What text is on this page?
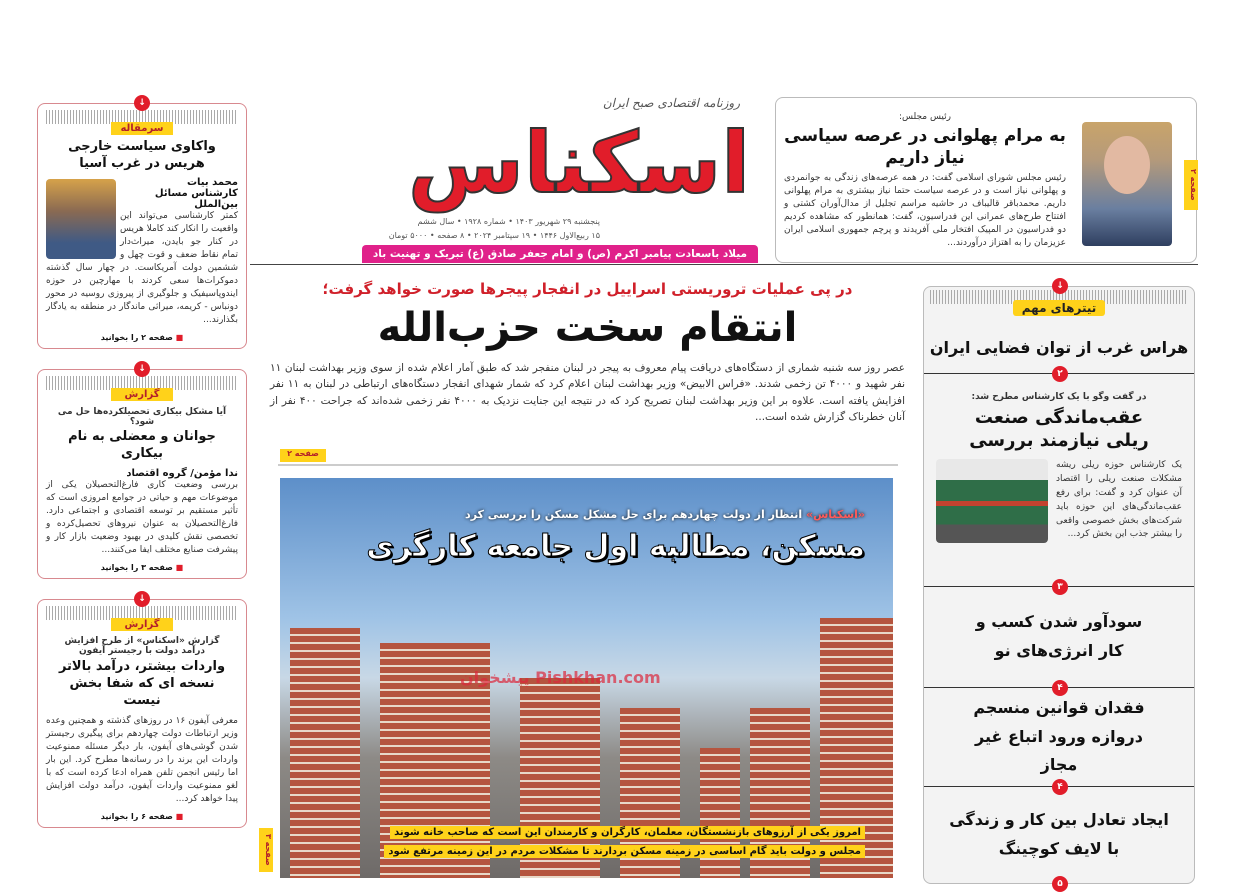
صفحه ۲
رئیس مجلس:
به مرام پهلوانی در عرصه سیاسی نیاز داریم
رئیس مجلس شورای اسلامی گفت: در همه عرصه‌های زندگی به جوانمردی و پهلوانی نیاز است و در عرصه سیاست حتما نیاز بیشتری به مرام پهلوانی داریم. محمدباقر قالیباف در حاشیه مراسم تجلیل از مدال‌آوران کشتی و افتتاح طرح‌های عمرانی این فدراسیون، گفت: همانطور که مشاهده کردیم دو فدراسیون در المپیک افتخار ملی آفریدند و پرچم جمهوری اسلامی ایران عزیزمان را به اهتزاز درآوردند...
روزنامه اقتصادی صبح ایران
اسکناس
پنجشنبه ۲۹ شهریور ۱۴۰۳ • شماره ۱۹۲۸ • سال ششم
۱۵ ربیع‌الاول ۱۴۴۶ • ۱۹ سپتامبر ۲۰۲۴ • ۸ صفحه • ۵۰۰۰ تومان
میلاد باسعادت پیامبر اکرم (ص) و امام جعفر صادق (ع) تبریک و تهنیت باد
در پی عملیات تروریستی اسراییل در انفجار پیجرها صورت خواهد گرفت؛
انتقام سخت حزب‌الله
عصر روز سه شنبه شماری از دستگاه‌های دریافت پیام معروف به پیجر در لبنان منفجر شد که طبق آمار اعلام شده از سوی وزیر بهداشت لبنان ۱۱ نفر شهید و ۴۰۰۰ تن زخمی شدند. «فراس الابیض» وزیر بهداشت لبنان اعلام کرد که شمار شهدای انفجار دستگاه‌های ارتباطی در لبنان به ۱۱ نفر افزایش یافته است. علاوه بر این وزیر بهداشت لبنان تصریح کرد که در نتیجه این جنایت نزدیک به ۴۰۰۰ نفر زخمی شده‌اند که جراحت ۴۰۰ نفر از آنان خطرناک گزارش شده است...
صفحه ۲
پیشخوان Pishkhan.com
«اسکناس» انتظار از دولت چهاردهم برای حل مشکل مسکن را بررسی کرد
مسکن، مطالبه اول جامعه کارگری
امروز یکی از آرزوهای بازنشستگان، معلمان، کارگران و کارمندان این است که صاحب خانه شوند
مجلس و دولت باید گام اساسی در زمینه مسکن بردارند تا مشکلات مردم در این زمینه مرتفع شود
صفحه ۳
↓
سرمقاله
واکاوی سیاست خارجی هریس در غرب آسیا
محمد بیات
کارشناس مسائل بین‌الملل
کمتر کارشناسی می‌تواند این واقعیت را انکار کند کاملا هریس در کنار جو بایدن، میراث‌دار تمام نقاط ضعف و قوت چهل و ششمین دولت آمریکاست. در چهار سال گذشته دموکرات‌ها سعی کردند با مهارچین در حوزه ایندوپاسیفیک و جلوگیری از پیروزی روسیه در محور دونباس - کریمه، میراثی ماندگار در منطقه به یادگار بگذارند...
■ صفحه ۲ را بخوانید
↓
گزارش
آیا مشکل بیکاری تحصیلکرده‌ها حل می شود؟
جوانان و معضلی به نام بیکاری
ندا مؤمن/ گروه اقتصاد
بررسی وضعیت کاری فارغ‌التحصیلان یکی از موضوعات مهم و حیاتی در جوامع امروزی است که تأثیر مستقیم بر توسعه اقتصادی و اجتماعی دارد. فارغ‌التحصیلان به عنوان نیروهای تحصیل‌کرده و تخصصی نقش کلیدی در بهبود وضعیت بازار کار و پیشرفت صنایع مختلف ایفا می‌کنند...
■ صفحه ۳ را بخوانید
↓
گزارش
گزارش «اسکناس» از طرح افزایش درآمد دولت با رجیستر آیفون
واردات بیشتر، درآمد بالاتر نسخه ای که شفا بخش نیست
معرفی آیفون ۱۶ در روزهای گذشته و همچنین وعده وزیر ارتباطات دولت چهاردهم برای پیگیری رجیستر شدن گوشی‌های آیفون، بار دیگر مسئله ممنوعیت واردات این برند را در رسانه‌ها مطرح کرد. این بار اما رئیس انجمن تلفن همراه ادعا کرده است که با لغو ممنوعیت واردات آیفون، درآمد دولت افزایش پیدا خواهد کرد...
■ صفحه ۶ را بخوانید
↓
تیترهای مهم
هراس غرب از توان فضایی ایران
۲
در گفت وگو با یک کارشناس مطرح شد:
عقب‌ماندگی صنعت ریلی نیازمند بررسی
یک کارشناس حوزه ریلی ریشه مشکلات صنعت ریلی را اقتصاد آن عنوان کرد و گفت: برای رفع عقب‌ماندگی‌های این حوزه باید شرکت‌های بخش خصوصی واقعی را بیشتر جذب این بخش کرد...
۳
سودآور شدن کسب و کار انرژی‌های نو
۴
فقدان قوانین منسجم دروازه ورود اتباع غیر مجاز
۴
ایجاد تعادل بین کار و زندگی با لایف کوچینگ
۵
